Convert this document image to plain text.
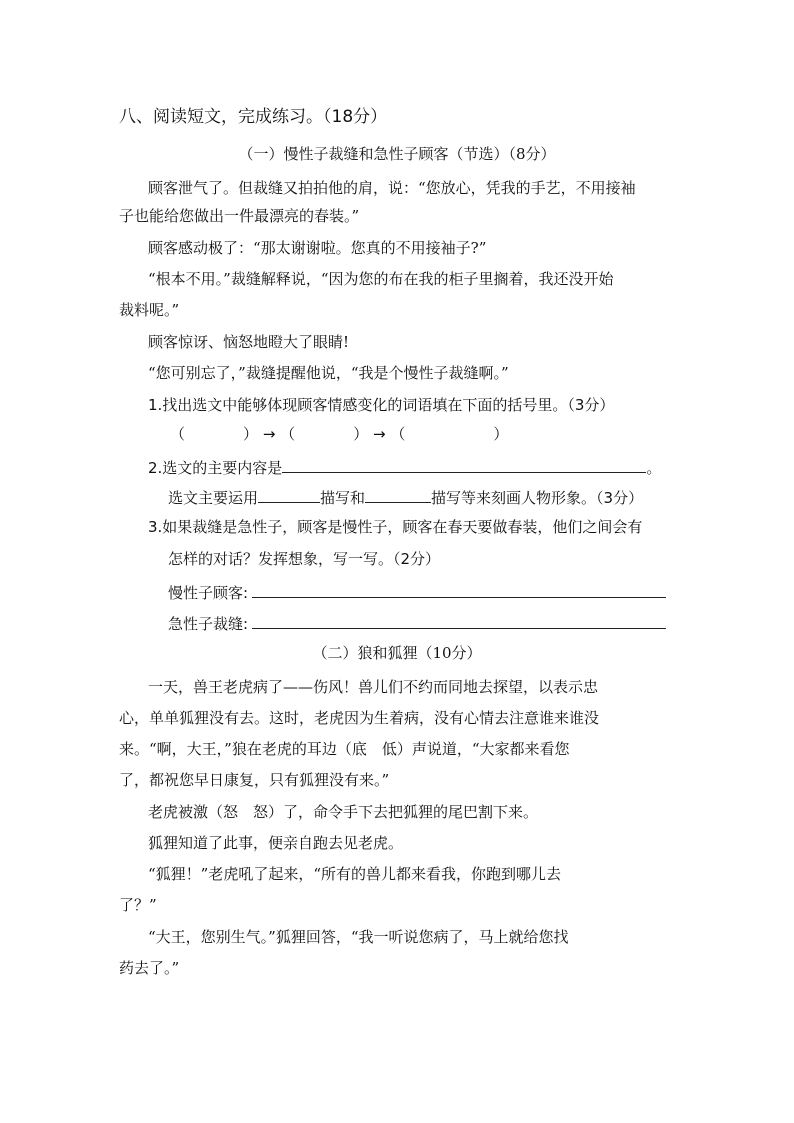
八、阅读短文，完成练习。（18分）
（一）慢性子裁缝和急性子顾客（节选）（8分）
顾客泄气了。但裁缝又拍拍他的肩，说：“您放心，凭我的手艺，不用接袖
子也能给您做出一件最漂亮的春装。”
顾客感动极了：“那太谢谢啦。您真的不用接袖子?”
“根本不用。”裁缝解释说，“因为您的布在我的柜子里搁着，我还没开始
裁料呢。”
顾客惊讶、恼怒地瞪大了眼睛!
“您可别忘了，”裁缝提醒他说，“我是个慢性子裁缝啊。”
1.找出选文中能够体现顾客情感变化的词语填在下面的括号里。（3分）
（	） → （	） → （	）
2.选文的主要内容是	。
选文主要运用	描写和	描写等来刻画人物形象。（3分）
3.如果裁缝是急性子，顾客是慢性子，顾客在春天要做春装，他们之间会有
怎样的对话？发挥想象，写一写。（2分）
慢性子顾客:
急性子裁缝:
（二）狼和狐狸（10分）
一天，兽王老虎病了——伤风！兽儿们不约而同地去探望，以表示忠
心，单单狐狸没有去。这时，老虎因为生着病，没有心情去注意谁来谁没
来。“啊，大王，”狼在老虎的耳边（底　低）声说道，“大家都来看您
了，都祝您早日康复，只有狐狸没有来。”
老虎被激（怒　怒）了，命令手下去把狐狸的尾巴割下来。
狐狸知道了此事，便亲自跑去见老虎。
“狐狸！”老虎吼了起来，“所有的兽儿都来看我，你跑到哪儿去
了？”
“大王，您别生气。”狐狸回答，“我一听说您病了，马上就给您找
药去了。”
